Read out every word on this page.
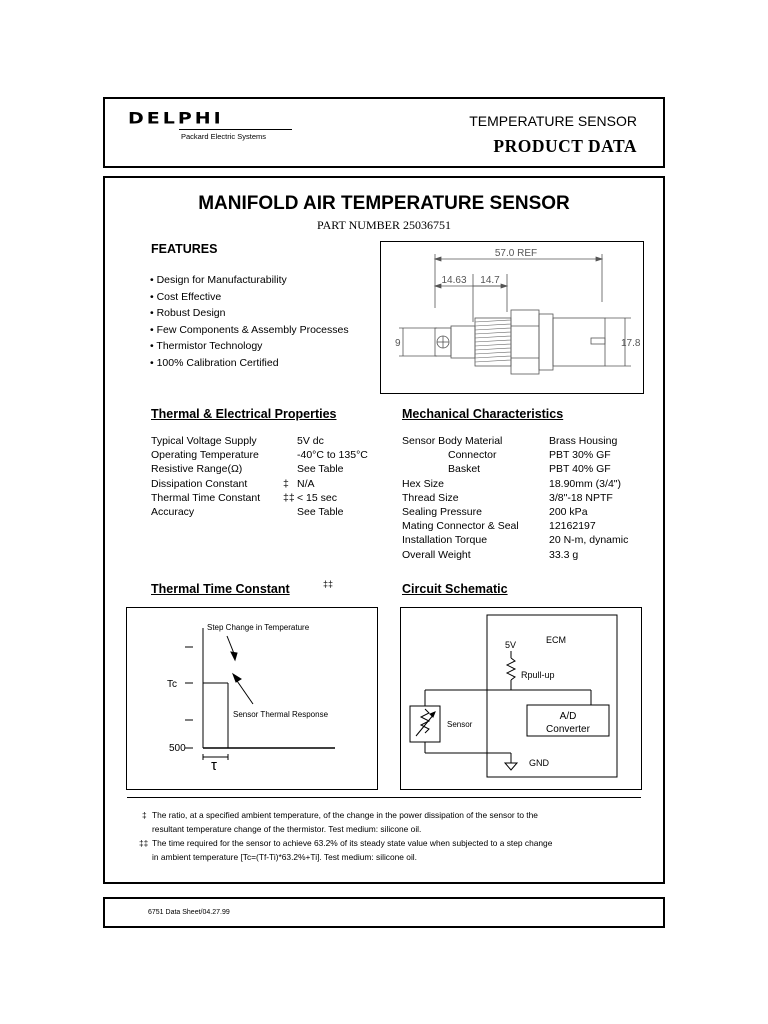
DELPHI
Packard Electric Systems
TEMPERATURE SENSOR
PRODUCT DATA
MANIFOLD AIR TEMPERATURE SENSOR
PART NUMBER 25036751
FEATURES
• Design for Manufacturability
• Cost Effective
• Robust Design
• Few Components & Assembly Processes
• Thermistor Technology
• 100% Calibration Certified
57.0 REF
14.63 14.7
9	17.8
Thermal & Electrical Properties
Typical Voltage Supply	5V dc
Operating Temperature	-40°C to 135°C
Resistive Range(Ω)	See Table
Dissipation Constant	‡ N/A
Thermal Time Constant ‡‡ < 15 sec
Accuracy	See Table
Mechanical Characteristics
Sensor Body Material	Brass Housing
Connector	PBT 30% GF
Basket	PBT 40% GF
Hex Size	18.90mm (3/4")
Thread Size	3/8"-18 NPTF
Sealing Pressure	200 kPa
Mating Connector & Seal	12162197
Installation Torque	20 N-m, dynamic
Overall Weight	33.3 g
Thermal Time Constant	‡‡
Step Change in Temperature
Sensor Thermal Response
Tc
500
τ
Circuit Schematic
5V	ECM
Rpull-up
Sensor
A/D
Converter
GND
‡ The ratio, at a specified ambient temperature, of the change in the power dissipation of the sensor to the
resultant temperature change of the thermistor. Test medium: silicone oil.
‡‡ The time required for the sensor to achieve 63.2% of its steady state value when subjected to a step change
in ambient temperature [Tc=(Tf-Ti)*63.2%+Ti]. Test medium: silicone oil.
6751 Data Sheet/04.27.99
